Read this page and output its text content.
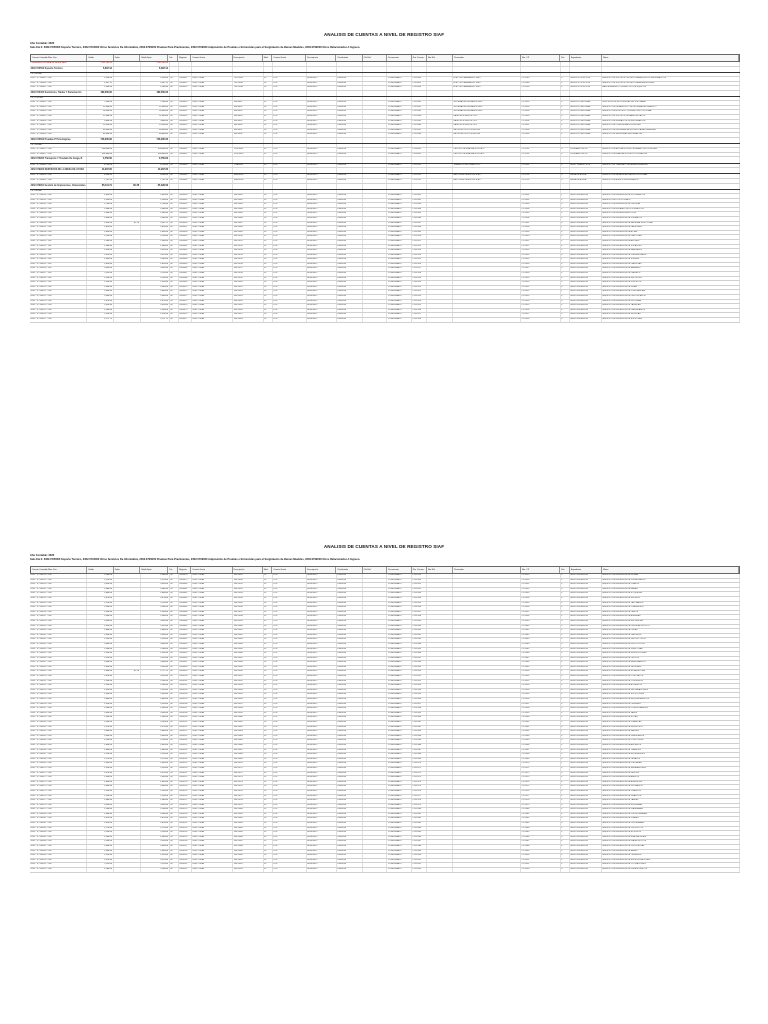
ANALISIS DE CUENTAS A NIVEL DE REGISTRO SIAF
Año Contable: 2022
Sub-Cta 3: 2302.0705000 Soporte Técnico, 2302.0704000 Otros Servicios De Informática, 2302.0706000 Pruebas Para Practicantes, 2302.0709000 Adquisición de Pruebas o Entrevistas para el Surgimiento de Bienes Muebles, 2302.0799000 Otros Relacionados A Ingreso.
Cuenta Contable Mov. Doc.	Saldo	Debe	Saldo Dpto	Fte	Registro	Cuenta Gasto	Descripción	Med	Cuenta Gasto	Descripción	Clasificador	Ctb Ref.	Documento	Nro. Docum.	Nro Ref.	Proveedor	Nro. CP	Est	Expediente	Glosa
CUENTA EXPORTADA DE RESULTADO	7,011,282.00	7,011,282.00
2302.070500 Soporte Técnico	5,397.12	5,397.12
Ctr. UNIDAD
0001 - 0 - 000035 - 166	1,350.00	1,350.00	00	0000011	ELECTORAL	TEC-0001	02	LOS	SEGUNDO	14000036	CONFIRMADO	C1-01854	ELECTRO MANSAURO S.A.C.	CP-1385	V	SERVICIO SOPORTE	SERVICIO DE SOPORTE TECNICO PARA EQUIPOS INFORMATICOS
0001 - 0 - 000036 - 166	2,547.12	2,547.12	00	0000012	ELECTORAL	TEC-0002	02	LOS	SEGUNDO	14000036	CONFIRMADO	C1-01855	ELECTRO MANSAURO S.A.C.	CP-1388	V	SERVICIO SOPORTE	SERVICIO DE SOPORTE TECNICO PARA SERVIDORES
0001 - 0 - 000037 - 166	1,500.00	1,500.00	00	0000013	ELECTORAL	TEC-0003	02	LOS	SEGUNDO	14000036	CONFIRMADO	C1-01856	ELECTRO MANSAURO S.A.C.	CP-1390	V	SERVICIO SOPORTE	MANTENIMIENTO CORRECTIVO DE EQUIPOS
2302.070400 Suministro, Tablas Y Sistemas En	180,500.00	180,500.00
Ctr. CONTRA
0001 - 0 - 000052 - 166	7,300.00	7,300.00	00	0000020	ELECTORAL	INF-0001	02	LOS	SEGUNDO	14000036	CONFIRMADO	C1-01901	SISTEMAS INTEGRALES S.A.C.	CP-1402	V	SERVICIO INFORMAT	SUSCRIPCION DE LICENCIAS DE SOFTWARE
0001 - 0 - 000053 - 166	12,400.00	12,400.00	00	0000021	ELECTORAL	INF-0002	02	LOS	SEGUNDO	14000036	CONFIRMADO	C1-01902	SISTEMAS INTEGRALES S.A.C.	CP-1403	V	SERVICIO INFORMAT	SERVICIO DE DESARROLLO DE SISTEMA INFORMATICO
0001 - 0 - 000054 - 166	18,900.00	18,900.00	00	0000022	ELECTORAL	INF-0003	02	LOS	SEGUNDO	14000036	CONFIRMADO	C1-01903	SISTEMAS INTEGRALES S.A.C.	CP-1404	V	SERVICIO INFORMAT	SERVICIO DE HOSTING Y DOMINIO INSTITUCIONAL
0001 - 0 - 000055 - 166	21,600.00	21,600.00	00	0000023	ELECTORAL	INF-0004	02	LOS	SEGUNDO	14000036	CONFIRMADO	C1-01904	DATA TECH PERU E.I.R.L.	CP-1405	V	SERVICIO INFORMAT	SERVICIO DE SOPORTE DE BASE DE DATOS
0001 - 0 - 000056 - 166	9,800.00	9,800.00	00	0000024	ELECTORAL	INF-0005	02	LOS	SEGUNDO	14000036	CONFIRMADO	C1-01905	DATA TECH PERU E.I.R.L.	CP-1406	V	SERVICIO INFORMAT	SERVICIO DE MIGRACION DE INFORMACION
0001 - 0 - 000057 - 166	15,200.00	15,200.00	00	0000025	ELECTORAL	INF-0006	02	LOS	SEGUNDO	14000036	CONFIRMADO	C1-01906	DATA TECH PERU E.I.R.L.	CP-1407	V	SERVICIO INFORMAT	SERVICIO DE CONFIGURACION DE RED
0001 - 0 - 000058 - 166	30,500.00	30,500.00	00	0000026	ELECTORAL	INF-0007	02	LOS	SEGUNDO	14000036	CONFIRMADO	C1-01907	NETWORK SOLUTIONS S.A.	CP-1408	V	SERVICIO INFORMAT	SERVICIO DE IMPLEMENTACION DE PLATAFORMA WEB
0001 - 0 - 000059 - 166	64,800.00	64,800.00	00	0000027	ELECTORAL	INF-0008	02	LOS	SEGUNDO	14000036	CONFIRMADO	C1-01908	NETWORK SOLUTIONS S.A.	CP-1409	V	SERVICIO INFORMAT	SERVICIO DE SEGURIDAD INFORMATICA
2302.070600 Pruebas P Psicológicas	716,000.00	716,000.00
Ctr. UNIDAD
0001 - 0 - 000070 - 166	358,000.00	358,000.00	00	0000031	ELECTORAL	PRU-0001	02	LOS	SEGUNDO	14000036	CONFIRMADO	C1-02001	CENTRO DE EVALUACION S.A.C.	CP-1501	V	PRUEBAS PSICOL.	SERVICIO DE APLICACION DE PRUEBAS PSICOLOGICAS
0001 - 0 - 000071 - 166	358,000.00	358,000.00	00	0000032	ELECTORAL	PRU-0002	02	LOS	SEGUNDO	14000036	CONFIRMADO	C1-02002	CENTRO DE EVALUACION S.A.C.	CP-1502	V	PRUEBAS PSICOL.	SERVICIO DE EVALUACION DE POSTULANTES
2302.070900 Transporte Y Traslado De Carga, B	4,750.00	4,750.00
0001 - 0 - 000080 - 166	4,750.00	4,750.00	00	0000040	ELECTORAL	TRA-0001	02	LOS	SEGUNDO	14000036	CONFIRMADO	C1-02101	TRANSPORTES LIMA E.I.R.L.	CP-1601	V	SERV. TRANSPORTE	SERVICIO DE TRASLADO DE BIENES MUEBLES
2302.079900 SERVICIOS DE LA MESA DE AYUDA	14,267.00	14,267.00
0001 - 0 - 000090 - 166	6,500.00	6,500.00	00	0000045	ELECTORAL	MES-0001	02	LOS	SEGUNDO	14000036	CONFIRMADO	C1-02201	HELP DESK SERVICES S.A.C.	CP-1701	V	MESA DE AYUDA	SERVICIO DE MESA DE AYUDA INSTITUCIONAL
0001 - 0 - 000091 - 166	7,767.00	7,767.00	00	0000046	ELECTORAL	MES-0002	02	LOS	SEGUNDO	14000036	CONFIRMADO	C1-02202	HELP DESK SERVICES S.A.C.	CP-1702	V	MESA DE AYUDA	SERVICIO DE ATENCION A USUARIOS
2302.079901 Gestión de Impresiones, Ocasionales	65,411.71	82.78	65,328.93
Ctr. UNIDAD
0001 - 0 - 000100 - 166	1,850.00	1,850.00	00	0000050	ELECTORAL	IMP-0001	02	LOS	SEGUNDO	14000036	CONFIRMADO	C1-02301	CP-1801	V	SERV. IMPRESION	SERVICIO DE IMPRESION DE DOCUMENTOS
0001 - 0 - 000101 - 166	2,100.00	2,100.00	00	0000051	ELECTORAL	IMP-0002	02	LOS	SEGUNDO	14000036	CONFIRMADO	C1-02302	CP-1802	V	SERV. IMPRESION	SERVICIO DE FOTOCOPIADO
0001 - 0 - 000102 - 166	1,740.00	1,740.00	00	0000052	ELECTORAL	IMP-0003	02	LOS	SEGUNDO	14000036	CONFIRMADO	C1-02303	CP-1803	V	SERV. IMPRESION	SERVICIO DE IMPRESION DE CEDULAS
0001 - 0 - 000103 - 166	2,360.00	2,360.00	00	0000053	ELECTORAL	IMP-0004	02	LOS	SEGUNDO	14000036	CONFIRMADO	C1-02304	CP-1804	V	SERV. IMPRESION	SERVICIO DE ESCANEO DE DOCUMENTOS
0001 - 0 - 000104 - 166	1,980.00	1,980.00	00	0000054	ELECTORAL	IMP-0005	02	LOS	SEGUNDO	14000036	CONFIRMADO	C1-02305	CP-1805	V	SERV. IMPRESION	SERVICIO DE IMPRESION A COLOR
0001 - 0 - 000105 - 166	2,440.00	2,440.00	00	0000055	ELECTORAL	IMP-0006	02	LOS	SEGUNDO	14000036	CONFIRMADO	C1-02306	CP-1806	V	SERV. IMPRESION	SERVICIO DE IMPRESION DE FORMATOS
0001 - 0 - 000106 - 166	2,020.00	82.78	1,937.22	00	0000056	ELECTORAL	IMP-0007	02	LOS	SEGUNDO	14000036	CONFIRMADO	C1-02307	CP-1807	V	SERV. IMPRESION	SERVICIO DE IMPRESION DE MATERIAL ELECTORAL
0001 - 0 - 000107 - 166	2,610.00	2,610.00	00	0000057	ELECTORAL	IMP-0008	02	LOS	SEGUNDO	14000036	CONFIRMADO	C1-02308	CP-1808	V	SERV. IMPRESION	SERVICIO DE IMPRESION DE PADRONES
0001 - 0 - 000108 - 166	1,890.00	1,890.00	00	0000058	ELECTORAL	IMP-0009	02	LOS	SEGUNDO	14000036	CONFIRMADO	C1-02309	CP-1809	V	SERV. IMPRESION	SERVICIO DE IMPRESION DE ACTAS
0001 - 0 - 000109 - 166	2,150.00	2,150.00	00	0000059	ELECTORAL	IMP-0010	02	LOS	SEGUNDO	14000036	CONFIRMADO	C1-02310	CP-1810	V	SERV. IMPRESION	SERVICIO DE IMPRESION DE CARTILLAS
0001 - 0 - 000110 - 166	2,280.00	2,280.00	00	0000060	ELECTORAL	IMP-0011	02	LOS	SEGUNDO	14000036	CONFIRMADO	C1-02311	CP-1811	V	SERV. IMPRESION	SERVICIO DE IMPRESION DE AFICHES
0001 - 0 - 000111 - 166	1,960.00	1,960.00	00	0000061	ELECTORAL	IMP-0012	02	LOS	SEGUNDO	14000036	CONFIRMADO	C1-02312	CP-1812	V	SERV. IMPRESION	SERVICIO DE IMPRESION DE VOLANTES
0001 - 0 - 000112 - 166	2,530.00	2,530.00	00	0000062	ELECTORAL	IMP-0013	02	LOS	SEGUNDO	14000036	CONFIRMADO	C1-02313	CP-1813	V	SERV. IMPRESION	SERVICIO DE IMPRESION DE MANUALES
0001 - 0 - 000113 - 166	2,070.00	2,070.00	00	0000063	ELECTORAL	IMP-0014	02	LOS	SEGUNDO	14000036	CONFIRMADO	C1-02314	CP-1814	V	SERV. IMPRESION	SERVICIO DE IMPRESION DE CREDENCIALES
0001 - 0 - 000114 - 166	2,340.00	2,340.00	00	0000064	ELECTORAL	IMP-0015	02	LOS	SEGUNDO	14000036	CONFIRMADO	C1-02315	CP-1815	V	SERV. IMPRESION	SERVICIO DE IMPRESION DE SOBRES
0001 - 0 - 000115 - 166	1,820.00	1,820.00	00	0000065	ELECTORAL	IMP-0016	02	LOS	SEGUNDO	14000036	CONFIRMADO	C1-02316	CP-1816	V	SERV. IMPRESION	SERVICIO DE IMPRESION DE CARPETAS
0001 - 0 - 000116 - 166	2,490.00	2,490.00	00	0000066	ELECTORAL	IMP-0017	02	LOS	SEGUNDO	14000036	CONFIRMADO	C1-02317	CP-1817	V	SERV. IMPRESION	SERVICIO DE IMPRESION DE BANNERS
0001 - 0 - 000117 - 166	2,110.00	2,110.00	00	0000067	ELECTORAL	IMP-0018	02	LOS	SEGUNDO	14000036	CONFIRMADO	C1-02318	CP-1818	V	SERV. IMPRESION	SERVICIO DE IMPRESION DE CARNETS
0001 - 0 - 000118 - 166	2,230.00	2,230.00	00	0000068	ELECTORAL	IMP-0019	02	LOS	SEGUNDO	14000036	CONFIRMADO	C1-02319	CP-1819	V	SERV. IMPRESION	SERVICIO DE IMPRESION DE REPORTES
0001 - 0 - 000119 - 166	1,910.00	1,910.00	00	0000069	ELECTORAL	IMP-0020	02	LOS	SEGUNDO	14000036	CONFIRMADO	C1-02320	CP-1820	V	SERV. IMPRESION	SERVICIO DE IMPRESION DE FOLLETOS
0001 - 0 - 000120 - 166	2,560.00	2,560.00	00	0000070	ELECTORAL	IMP-0021	02	LOS	SEGUNDO	14000036	CONFIRMADO	C1-02321	CP-1821	V	SERV. IMPRESION	SERVICIO DE IMPRESION DE GUIAS
0001 - 0 - 000121 - 166	2,040.00	2,040.00	00	0000071	ELECTORAL	IMP-0022	02	LOS	SEGUNDO	14000036	CONFIRMADO	C1-02322	CP-1822	V	SERV. IMPRESION	SERVICIO DE IMPRESION DE CONSTANCIAS
0001 - 0 - 000122 - 166	2,300.00	2,300.00	00	0000072	ELECTORAL	IMP-0023	02	LOS	SEGUNDO	14000036	CONFIRMADO	C1-02323	CP-1823	V	SERV. IMPRESION	SERVICIO DE IMPRESION DE CERTIFICADOS
0001 - 0 - 000123 - 166	1,870.00	1,870.00	00	0000073	ELECTORAL	IMP-0024	02	LOS	SEGUNDO	14000036	CONFIRMADO	C1-02324	CP-1824	V	SERV. IMPRESION	SERVICIO DE IMPRESION DE DIPLOMAS
0001 - 0 - 000124 - 166	2,420.00	2,420.00	00	0000074	ELECTORAL	IMP-0025	02	LOS	SEGUNDO	14000036	CONFIRMADO	C1-02325	CP-1825	V	SERV. IMPRESION	SERVICIO DE IMPRESION DE TARJETAS
0001 - 0 - 000125 - 166	2,180.00	2,180.00	00	0000075	ELECTORAL	IMP-0026	02	LOS	SEGUNDO	14000036	CONFIRMADO	C1-02326	CP-1826	V	SERV. IMPRESION	SERVICIO DE IMPRESION DE CALENDARIOS
0001 - 0 - 000126 - 166	1,990.00	1,990.00	00	0000076	ELECTORAL	IMP-0027	02	LOS	SEGUNDO	14000036	CONFIRMADO	C1-02327	CP-1827	V	SERV. IMPRESION	SERVICIO DE IMPRESION DE REVISTAS
0001 - 0 - 000127 - 166	2,271.71	2,271.71	00	0000077	ELECTORAL	IMP-0028	02	LOS	SEGUNDO	14000036	CONFIRMADO	C1-02328	CP-1828	V	SERV. IMPRESION	SERVICIO DE IMPRESION DE BOLETINES
ANALISIS DE CUENTAS A NIVEL DE REGISTRO SIAF
Año Contable: 2022
Sub-Cta 3: 2302.0705000 Soporte Técnico, 2302.0704000 Otros Servicios De Informática, 2302.0706000 Pruebas Para Practicantes, 2302.0709000 Adquisición de Pruebas o Entrevistas para el Surgimiento de Bienes Muebles, 2302.0799000 Otros Relacionados A Ingreso.
Cuenta Contable Mov. Doc.	Saldo	Debe	Saldo Dpto	Fte	Registro	Cuenta Gasto	Descripción	Med	Cuenta Gasto	Descripción	Clasificador	Ctb Ref.	Documento	Nro. Docum.	Nro Ref.	Proveedor	Nro. CP	Est	Expediente	Glosa
0001 - 0 - 000128 - 166	1,960.00	1,960.00	00	0000078	ELECTORAL	IMP-0029	02	LOS	SEGUNDO	14000036	CONFIRMADO	C1-02329	CP-1829	V	SERV. IMPRESION	SERVICIO DE IMPRESION DE FICHAS
0001 - 0 - 000129 - 166	2,210.00	2,210.00	00	0000079	ELECTORAL	IMP-0030	02	LOS	SEGUNDO	14000036	CONFIRMADO	C1-02330	CP-1830	V	SERV. IMPRESION	SERVICIO DE IMPRESION DE FORMULARIOS
0001 - 0 - 000130 - 166	2,050.00	2,050.00	00	0000080	ELECTORAL	IMP-0031	02	LOS	SEGUNDO	14000036	CONFIRMADO	C1-02331	CP-1831	V	SERV. IMPRESION	SERVICIO DE IMPRESION DE PLANOS
0001 - 0 - 000131 - 166	2,380.00	2,380.00	00	0000081	ELECTORAL	IMP-0032	02	LOS	SEGUNDO	14000036	CONFIRMADO	C1-02332	CP-1832	V	SERV. IMPRESION	SERVICIO DE IMPRESION DE MAPAS
0001 - 0 - 000132 - 166	1,840.00	1,840.00	00	0000082	ELECTORAL	IMP-0033	02	LOS	SEGUNDO	14000036	CONFIRMADO	C1-02333	CP-1833	V	SERV. IMPRESION	SERVICIO DE IMPRESION DE ETIQUETAS
0001 - 0 - 000133 - 166	2,470.00	2,470.00	00	0000083	ELECTORAL	IMP-0034	02	LOS	SEGUNDO	14000036	CONFIRMADO	C1-02334	CP-1834	V	SERV. IMPRESION	SERVICIO DE IMPRESION DE RECIBOS
0001 - 0 - 000134 - 166	2,120.00	2,120.00	00	0000084	ELECTORAL	IMP-0035	02	LOS	SEGUNDO	14000036	CONFIRMADO	C1-02335	CP-1835	V	SERV. IMPRESION	SERVICIO DE IMPRESION DE TALONARIOS
0001 - 0 - 000135 - 166	2,260.00	2,260.00	00	0000085	ELECTORAL	IMP-0036	02	LOS	SEGUNDO	14000036	CONFIRMADO	C1-02336	CP-1836	V	SERV. IMPRESION	SERVICIO DE IMPRESION DE CUADERNOS
0001 - 0 - 000136 - 166	1,930.00	1,930.00	00	0000086	ELECTORAL	IMP-0037	02	LOS	SEGUNDO	14000036	CONFIRMADO	C1-02337	CP-1837	V	SERV. IMPRESION	SERVICIO DE IMPRESION DE LIBROS
0001 - 0 - 000137 - 166	2,540.00	2,540.00	00	0000087	ELECTORAL	IMP-0038	02	LOS	SEGUNDO	14000036	CONFIRMADO	C1-02338	CP-1838	V	SERV. IMPRESION	SERVICIO DE IMPRESION DE AGENDAS
0001 - 0 - 000138 - 166	2,030.00	2,030.00	00	0000088	ELECTORAL	IMP-0039	02	LOS	SEGUNDO	14000036	CONFIRMADO	C1-02339	CP-1839	V	SERV. IMPRESION	SERVICIO DE IMPRESION DE ENCUESTAS
0001 - 0 - 000139 - 166	2,310.00	2,310.00	00	0000089	ELECTORAL	IMP-0040	02	LOS	SEGUNDO	14000036	CONFIRMADO	C1-02340	CP-1840	V	SERV. IMPRESION	SERVICIO DE IMPRESION DE CEDULAS DE VOTO
0001 - 0 - 000140 - 166	1,880.00	1,880.00	00	0000090	ELECTORAL	IMP-0041	02	LOS	SEGUNDO	14000036	CONFIRMADO	C1-02341	CP-1841	V	SERV. IMPRESION	SERVICIO DE IMPRESION DE LISTAS
0001 - 0 - 000141 - 166	2,430.00	2,430.00	00	0000091	ELECTORAL	IMP-0042	02	LOS	SEGUNDO	14000036	CONFIRMADO	C1-02342	CP-1842	V	SERV. IMPRESION	SERVICIO DE IMPRESION DE CARTELES
0001 - 0 - 000142 - 166	2,190.00	2,190.00	00	0000092	ELECTORAL	IMP-0043	02	LOS	SEGUNDO	14000036	CONFIRMADO	C1-02343	CP-1843	V	SERV. IMPRESION	SERVICIO DE IMPRESION DE INSTRUCTIVOS
0001 - 0 - 000143 - 166	2,000.00	2,000.00	00	0000093	ELECTORAL	IMP-0044	02	LOS	SEGUNDO	14000036	CONFIRMADO	C1-02344	CP-1844	V	SERV. IMPRESION	SERVICIO DE IMPRESION DE PROTOCOLOS
0001 - 0 - 000144 - 166	2,280.00	2,280.00	00	0000094	ELECTORAL	IMP-0045	02	LOS	SEGUNDO	14000036	CONFIRMADO	C1-02345	CP-1845	V	SERV. IMPRESION	SERVICIO DE IMPRESION DE DIRECTIVAS
0001 - 0 - 000145 - 166	1,950.00	1,950.00	00	0000095	ELECTORAL	IMP-0046	02	LOS	SEGUNDO	14000036	CONFIRMADO	C1-02346	CP-1846	V	SERV. IMPRESION	SERVICIO DE IMPRESION DE RESOLUCIONES
0001 - 0 - 000146 - 166	2,520.00	2,520.00	00	0000096	ELECTORAL	IMP-0047	02	LOS	SEGUNDO	14000036	CONFIRMADO	C1-02347	CP-1847	V	SERV. IMPRESION	SERVICIO DE IMPRESION DE OFICIOS
0001 - 0 - 000147 - 166	2,060.00	2,060.00	00	0000097	ELECTORAL	IMP-0048	02	LOS	SEGUNDO	14000036	CONFIRMADO	C1-02348	CP-1848	V	SERV. IMPRESION	SERVICIO DE IMPRESION DE MEMORANDOS
0001 - 0 - 000148 - 166	2,350.00	2,350.00	00	0000098	ELECTORAL	IMP-0049	02	LOS	SEGUNDO	14000036	CONFIRMADO	C1-02349	CP-1849	V	SERV. IMPRESION	SERVICIO DE IMPRESION DE INFORMES
0001 - 0 - 000149 - 166	1,860.00	82.78	1,777.22	00	0000099	ELECTORAL	IMP-0050	02	LOS	SEGUNDO	14000036	CONFIRMADO	C1-02350	CP-1850	V	SERV. IMPRESION	SERVICIO DE IMPRESION DE ESTADISTICAS
0001 - 0 - 000150 - 166	2,410.00	2,410.00	00	0000100	ELECTORAL	IMP-0051	02	LOS	SEGUNDO	14000036	CONFIRMADO	C1-02351	CP-1851	V	SERV. IMPRESION	SERVICIO DE IMPRESION DE CONTRATOS
0001 - 0 - 000151 - 166	2,140.00	2,140.00	00	0000101	ELECTORAL	IMP-0052	02	LOS	SEGUNDO	14000036	CONFIRMADO	C1-02352	CP-1852	V	SERV. IMPRESION	SERVICIO DE IMPRESION DE CONVENIOS
0001 - 0 - 000152 - 166	2,240.00	2,240.00	00	0000102	ELECTORAL	IMP-0053	02	LOS	SEGUNDO	14000036	CONFIRMADO	C1-02353	CP-1853	V	SERV. IMPRESION	SERVICIO DE IMPRESION DE ACUERDOS
0001 - 0 - 000153 - 166	1,920.00	1,920.00	00	0000103	ELECTORAL	IMP-0054	02	LOS	SEGUNDO	14000036	CONFIRMADO	C1-02354	CP-1854	V	SERV. IMPRESION	SERVICIO DE IMPRESION DE DECLARACIONES
0001 - 0 - 000154 - 166	2,500.00	2,500.00	00	0000104	ELECTORAL	IMP-0055	02	LOS	SEGUNDO	14000036	CONFIRMADO	C1-02355	CP-1855	V	SERV. IMPRESION	SERVICIO DE IMPRESION DE SOLICITUDES
0001 - 0 - 000155 - 166	2,080.00	2,080.00	00	0000105	ELECTORAL	IMP-0056	02	LOS	SEGUNDO	14000036	CONFIRMADO	C1-02356	CP-1856	V	SERV. IMPRESION	SERVICIO DE IMPRESION DE REQUERIMIENTOS
0001 - 0 - 000156 - 166	2,320.00	2,320.00	00	0000106	ELECTORAL	IMP-0057	02	LOS	SEGUNDO	14000036	CONFIRMADO	C1-02357	CP-1857	V	SERV. IMPRESION	SERVICIO DE IMPRESION DE ORDENES
0001 - 0 - 000157 - 166	1,900.00	1,900.00	00	0000107	ELECTORAL	IMP-0058	02	LOS	SEGUNDO	14000036	CONFIRMADO	C1-02358	CP-1858	V	SERV. IMPRESION	SERVICIO DE IMPRESION DE COMPROBANTES
0001 - 0 - 000158 - 166	2,450.00	2,450.00	00	0000108	ELECTORAL	IMP-0059	02	LOS	SEGUNDO	14000036	CONFIRMADO	C1-02359	CP-1859	V	SERV. IMPRESION	SERVICIO DE IMPRESION DE VALES
0001 - 0 - 000159 - 166	2,160.00	2,160.00	00	0000109	ELECTORAL	IMP-0060	02	LOS	SEGUNDO	14000036	CONFIRMADO	C1-02360	CP-1860	V	SERV. IMPRESION	SERVICIO DE IMPRESION DE NOTAS
0001 - 0 - 000160 - 166	2,200.00	2,200.00	00	0000110	ELECTORAL	IMP-0061	02	LOS	SEGUNDO	14000036	CONFIRMADO	C1-02361	CP-1861	V	SERV. IMPRESION	SERVICIO DE IMPRESION DE PLANILLAS
0001 - 0 - 000161 - 166	1,970.00	1,970.00	00	0000111	ELECTORAL	IMP-0062	02	LOS	SEGUNDO	14000036	CONFIRMADO	C1-02362	CP-1862	V	SERV. IMPRESION	SERVICIO DE IMPRESION DE REGISTROS
0001 - 0 - 000162 - 166	2,480.00	2,480.00	00	0000112	ELECTORAL	IMP-0063	02	LOS	SEGUNDO	14000036	CONFIRMADO	C1-02363	CP-1863	V	SERV. IMPRESION	SERVICIO DE IMPRESION DE KARDEX
0001 - 0 - 000163 - 166	2,090.00	2,090.00	00	0000113	ELECTORAL	IMP-0064	02	LOS	SEGUNDO	14000036	CONFIRMADO	C1-02364	CP-1864	V	SERV. IMPRESION	SERVICIO DE IMPRESION DE INVENTARIOS
0001 - 0 - 000164 - 166	2,290.00	2,290.00	00	0000114	ELECTORAL	IMP-0065	02	LOS	SEGUNDO	14000036	CONFIRMADO	C1-02365	CP-1865	V	SERV. IMPRESION	SERVICIO DE IMPRESION DE CONTROLES
0001 - 0 - 000165 - 166	1,850.00	1,850.00	00	0000115	ELECTORAL	IMP-0066	02	LOS	SEGUNDO	14000036	CONFIRMADO	C1-02366	CP-1866	V	SERV. IMPRESION	SERVICIO DE IMPRESION DE ARCHIVOS
0001 - 0 - 000166 - 166	2,440.00	2,440.00	00	0000116	ELECTORAL	IMP-0067	02	LOS	SEGUNDO	14000036	CONFIRMADO	C1-02367	CP-1867	V	SERV. IMPRESION	SERVICIO DE IMPRESION DE TRAMITES
0001 - 0 - 000167 - 166	2,130.00	2,130.00	00	0000117	ELECTORAL	IMP-0068	02	LOS	SEGUNDO	14000036	CONFIRMADO	C1-02368	CP-1868	V	SERV. IMPRESION	SERVICIO DE IMPRESION DE EXPEDIENTES
0001 - 0 - 000168 - 166	2,270.00	2,270.00	00	0000118	ELECTORAL	IMP-0069	02	LOS	SEGUNDO	14000036	CONFIRMADO	C1-02369	CP-1869	V	SERV. IMPRESION	SERVICIO DE IMPRESION DE LEGAJOS
0001 - 0 - 000169 - 166	1,940.00	1,940.00	00	0000119	ELECTORAL	IMP-0070	02	LOS	SEGUNDO	14000036	CONFIRMADO	C1-02370	CP-1870	V	SERV. IMPRESION	SERVICIO DE IMPRESION DE PORTADAS
0001 - 0 - 000170 - 166	2,510.00	2,510.00	00	0000120	ELECTORAL	IMP-0071	02	LOS	SEGUNDO	14000036	CONFIRMADO	C1-02371	CP-1871	V	SERV. IMPRESION	SERVICIO DE IMPRESION DE SEPARADORES
0001 - 0 - 000171 - 166	2,070.00	2,070.00	00	0000121	ELECTORAL	IMP-0072	02	LOS	SEGUNDO	14000036	CONFIRMADO	C1-02372	CP-1872	V	SERV. IMPRESION	SERVICIO DE IMPRESION DE INDICES
0001 - 0 - 000172 - 166	2,330.00	2,330.00	00	0000122	ELECTORAL	IMP-0073	02	LOS	SEGUNDO	14000036	CONFIRMADO	C1-02373	CP-1873	V	SERV. IMPRESION	SERVICIO DE IMPRESION DE ANEXOS
0001 - 0 - 000173 - 166	1,890.00	1,890.00	00	0000123	ELECTORAL	IMP-0074	02	LOS	SEGUNDO	14000036	CONFIRMADO	C1-02374	CP-1874	V	SERV. IMPRESION	SERVICIO DE IMPRESION DE APENDICES
0001 - 0 - 000174 - 166	2,460.00	2,460.00	00	0000124	ELECTORAL	IMP-0075	02	LOS	SEGUNDO	14000036	CONFIRMADO	C1-02375	CP-1875	V	SERV. IMPRESION	SERVICIO DE IMPRESION DE GLOSARIOS
0001 - 0 - 000175 - 166	2,150.00	2,150.00	00	0000125	ELECTORAL	IMP-0076	02	LOS	SEGUNDO	14000036	CONFIRMADO	C1-02376	CP-1876	V	SERV. IMPRESION	SERVICIO DE IMPRESION DE CUADROS
0001 - 0 - 000176 - 166	2,250.00	2,250.00	00	0000126	ELECTORAL	IMP-0077	02	LOS	SEGUNDO	14000036	CONFIRMADO	C1-02377	CP-1877	V	SERV. IMPRESION	SERVICIO DE IMPRESION DE GRAFICOS
0001 - 0 - 000177 - 166	1,980.00	1,980.00	00	0000127	ELECTORAL	IMP-0078	02	LOS	SEGUNDO	14000036	CONFIRMADO	C1-02378	CP-1878	V	SERV. IMPRESION	SERVICIO DE IMPRESION DE TABLAS
0001 - 0 - 000178 - 166	2,490.00	2,490.00	00	0000128	ELECTORAL	IMP-0079	02	LOS	SEGUNDO	14000036	CONFIRMADO	C1-02379	CP-1879	V	SERV. IMPRESION	SERVICIO DE IMPRESION DE ESQUEMAS
0001 - 0 - 000179 - 166	2,100.00	2,100.00	00	0000129	ELECTORAL	IMP-0080	02	LOS	SEGUNDO	14000036	CONFIRMADO	C1-02380	CP-1880	V	SERV. IMPRESION	SERVICIO DE IMPRESION DE DIAGRAMAS
0001 - 0 - 000180 - 166	2,300.00	2,300.00	00	0000130	ELECTORAL	IMP-0081	02	LOS	SEGUNDO	14000036	CONFIRMADO	C1-02381	CP-1881	V	SERV. IMPRESION	SERVICIO DE IMPRESION DE CRONOGRAMAS
0001 - 0 - 000181 - 166	1,870.00	1,870.00	00	0000131	ELECTORAL	IMP-0082	02	LOS	SEGUNDO	14000036	CONFIRMADO	C1-02382	CP-1882	V	SERV. IMPRESION	SERVICIO DE IMPRESION DE PLANES
0001 - 0 - 000182 - 166	2,420.00	2,420.00	00	0000132	ELECTORAL	IMP-0083	02	LOS	SEGUNDO	14000036	CONFIRMADO	C1-02383	CP-1883	V	SERV. IMPRESION	SERVICIO DE IMPRESION DE PROGRAMAS
0001 - 0 - 000183 - 166	2,170.00	2,170.00	00	0000133	ELECTORAL	IMP-0084	02	LOS	SEGUNDO	14000036	CONFIRMADO	C1-02384	CP-1884	V	SERV. IMPRESION	SERVICIO DE IMPRESION DE PROYECTOS
0001 - 0 - 000184 - 166	2,230.00	2,230.00	00	0000134	ELECTORAL	IMP-0085	02	LOS	SEGUNDO	14000036	CONFIRMADO	C1-02385	CP-1885	V	SERV. IMPRESION	SERVICIO DE IMPRESION DE ESTUDIOS
0001 - 0 - 000185 - 166	1,960.00	1,960.00	00	0000135	ELECTORAL	IMP-0086	02	LOS	SEGUNDO	14000036	CONFIRMADO	C1-02386	CP-1886	V	SERV. IMPRESION	SERVICIO DE IMPRESION DE EVALUACIONES
0001 - 0 - 000186 - 166	2,530.00	2,530.00	00	0000136	ELECTORAL	IMP-0087	02	LOS	SEGUNDO	14000036	CONFIRMADO	C1-02387	CP-1887	V	SERV. IMPRESION	SERVICIO DE IMPRESION DE DIAGNOSTICOS
0001 - 0 - 000187 - 166	2,040.00	2,040.00	00	0000137	ELECTORAL	IMP-0088	02	LOS	SEGUNDO	14000036	CONFIRMADO	C1-02388	CP-1888	V	SERV. IMPRESION	SERVICIO DE IMPRESION DE PROPUESTAS
0001 - 0 - 000188 - 166	2,360.00	2,360.00	00	0000138	ELECTORAL	IMP-0089	02	LOS	SEGUNDO	14000036	CONFIRMADO	C1-02389	CP-1889	V	SERV. IMPRESION	SERVICIO DE IMPRESION DE BASES
0001 - 0 - 000189 - 166	1,910.00	1,910.00	00	0000139	ELECTORAL	IMP-0090	02	LOS	SEGUNDO	14000036	CONFIRMADO	C1-02390	CP-1890	V	SERV. IMPRESION	SERVICIO DE IMPRESION DE TERMINOS
0001 - 0 - 000190 - 166	2,470.00	2,470.00	00	0000140	ELECTORAL	IMP-0091	02	LOS	SEGUNDO	14000036	CONFIRMADO	C1-02391	CP-1891	V	SERV. IMPRESION	SERVICIO DE IMPRESION DE ESPECIFICACIONES
0001 - 0 - 000191 - 166	2,110.00	2,110.00	00	0000141	ELECTORAL	IMP-0092	02	LOS	SEGUNDO	14000036	CONFIRMADO	C1-02392	CP-1892	V	SERV. IMPRESION	SERVICIO DE IMPRESION DE COTIZACIONES
0001 - 0 - 000192 - 166	2,260.00	2,260.00	00	0000142	ELECTORAL	IMP-0093	02	LOS	SEGUNDO	14000036	CONFIRMADO	C1-02393	CP-1893	V	SERV. IMPRESION	SERVICIO DE IMPRESION DE PRESUPUESTOS
